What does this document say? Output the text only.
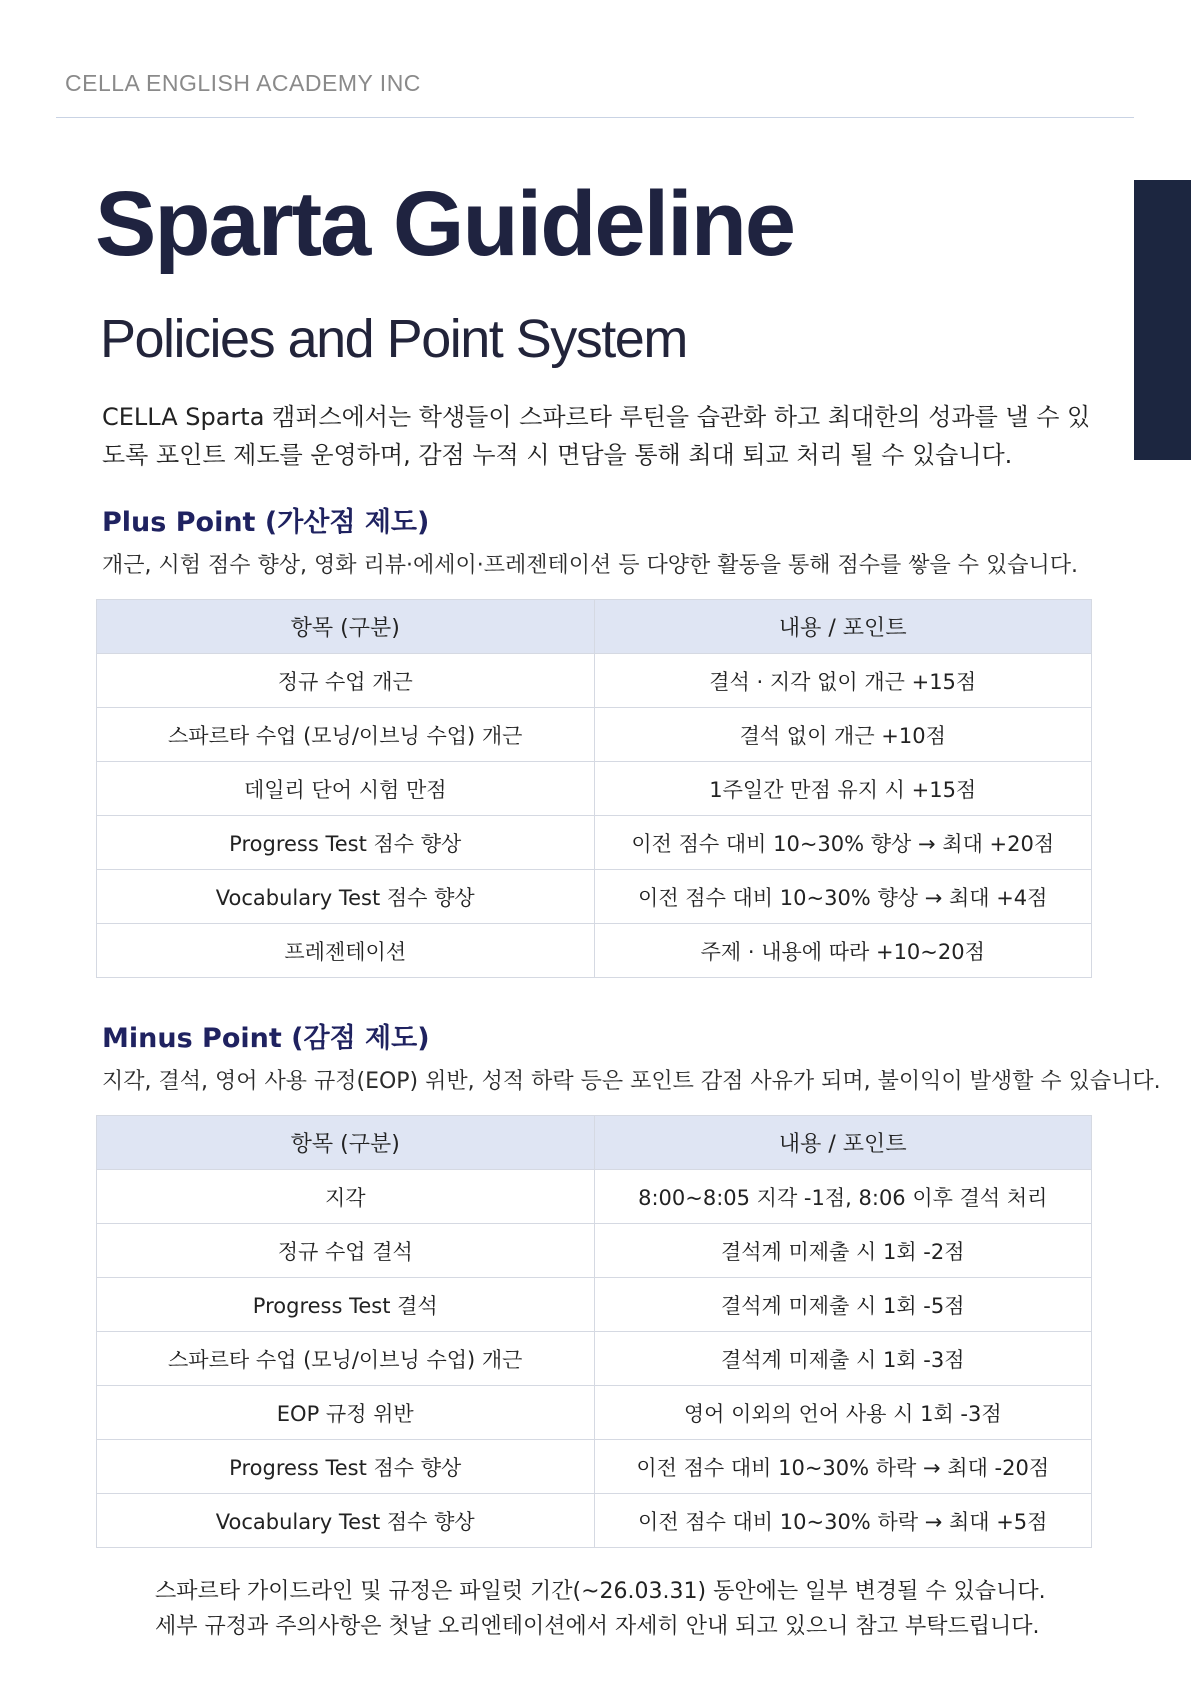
CELLA ENGLISH ACADEMY INC
Sparta Guideline
Policies and Point System

CELLA Sparta 캠퍼스에서는 학생들이 스파르타 루틴을 습관화 하고 최대한의 성과를 낼 수 있도록 포인트 제도를 운영하며, 감점 누적 시 면담을 통해 최대 퇴교 처리 될 수 있습니다.

Plus Point (가산점 제도)

개근, 시험 점수 향상, 영화 리뷰·에세이·프레젠테이션 등 다양한 활동을 통해 점수를 쌓을 수 있습니다.

항목 (구분)	내용 / 포인트
정규 수업 개근	결석 · 지각 없이 개근 +15점
스파르타 수업 (모닝/이브닝 수업) 개근	결석 없이 개근 +10점
데일리 단어 시험 만점	1주일간 만점 유지 시 +15점
Progress Test 점수 향상	이전 점수 대비 10~30% 향상 → 최대 +20점
Vocabulary Test 점수 향상	이전 점수 대비 10~30% 향상 → 최대 +4점
프레젠테이션	주제 · 내용에 따라 +10~20점
Minus Point (감점 제도)

지각, 결석, 영어 사용 규정(EOP) 위반, 성적 하락 등은 포인트 감점 사유가 되며, 불이익이 발생할 수 있습니다.

항목 (구분)	내용 / 포인트
지각	8:00~8:05 지각 -1점, 8:06 이후 결석 처리
정규 수업 결석	결석계 미제출 시 1회 -2점
Progress Test 결석	결석계 미제출 시 1회 -5점
스파르타 수업 (모닝/이브닝 수업) 개근	결석계 미제출 시 1회 -3점
EOP 규정 위반	영어 이외의 언어 사용 시 1회 -3점
Progress Test 점수 향상	이전 점수 대비 10~30% 하락 → 최대 -20점
Vocabulary Test 점수 향상	이전 점수 대비 10~30% 하락 → 최대 +5점

스파르타 가이드라인 및 규정은 파일럿 기간(~26.03.31) 동안에는 일부 변경될 수 있습니다.
세부 규정과 주의사항은 첫날 오리엔테이션에서 자세히 안내 되고 있으니 참고 부탁드립니다.
